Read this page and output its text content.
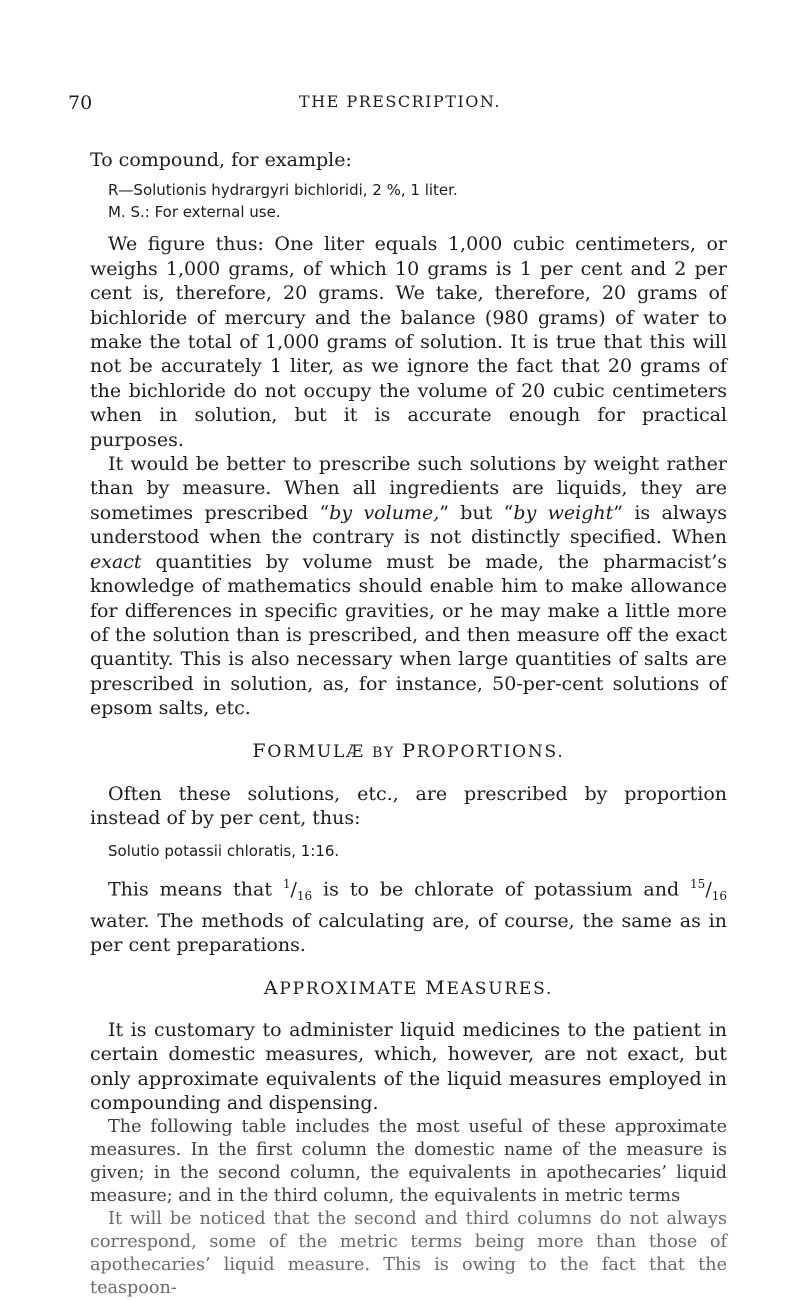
70	THE PRESCRIPTION.

To compound, for example:

R—Solutionis hydrargyri bichloridi, 2 %, 1 liter.

M. S.: For external use.

We figure thus: One liter equals 1,000 cubic centimeters, or weighs 1,000 grams, of which 10 grams is 1 per cent and 2 per cent is, therefore, 20 grams. We take, therefore, 20 grams of bichloride of mercury and the balance (980 grams) of water to make the total of 1,000 grams of solution. It is true that this will not be accurately 1 liter, as we ignore the fact that 20 grams of the bichloride do not occupy the volume of 20 cubic centimeters when in solution, but it is accurate enough for practical purposes.

It would be better to prescribe such solutions by weight rather than by measure. When all ingredients are liquids, they are sometimes prescribed “by volume,” but “by weight” is always understood when the contrary is not distinctly specified. When exact quantities by volume must be made, the pharmacist’s knowledge of mathematics should enable him to make allowance for differences in specific gravities, or he may make a little more of the solution than is prescribed, and then measure off the exact quantity. This is also necessary when large quantities of salts are prescribed in solution, as, for instance, 50-per-cent solutions of epsom salts, etc.

FORMULÆ BY PROPORTIONS.

Often these solutions, etc., are prescribed by proportion instead of by per cent, thus:

Solutio potassii chloratis, 1:16.

This means that $^1/_{16}$ is to be chlorate of potassium and $^{15}/_{16}$ water. The methods of calculating are, of course, the same as in per cent preparations.

APPROXIMATE MEASURES.

It is customary to administer liquid medicines to the patient in certain domestic measures, which, however, are not exact, but only approximate equivalents of the liquid measures employed in compounding and dispensing.

The following table includes the most useful of these approximate measures. In the first column the domestic name of the measure is given; in the second column, the equivalents in apothecaries’ liquid measure; and in the third column, the equivalents in metric terms

It will be noticed that the second and third columns do not always correspond, some of the metric terms being more than those of apothecaries’ liquid measure. This is owing to the fact that the teaspoon-
